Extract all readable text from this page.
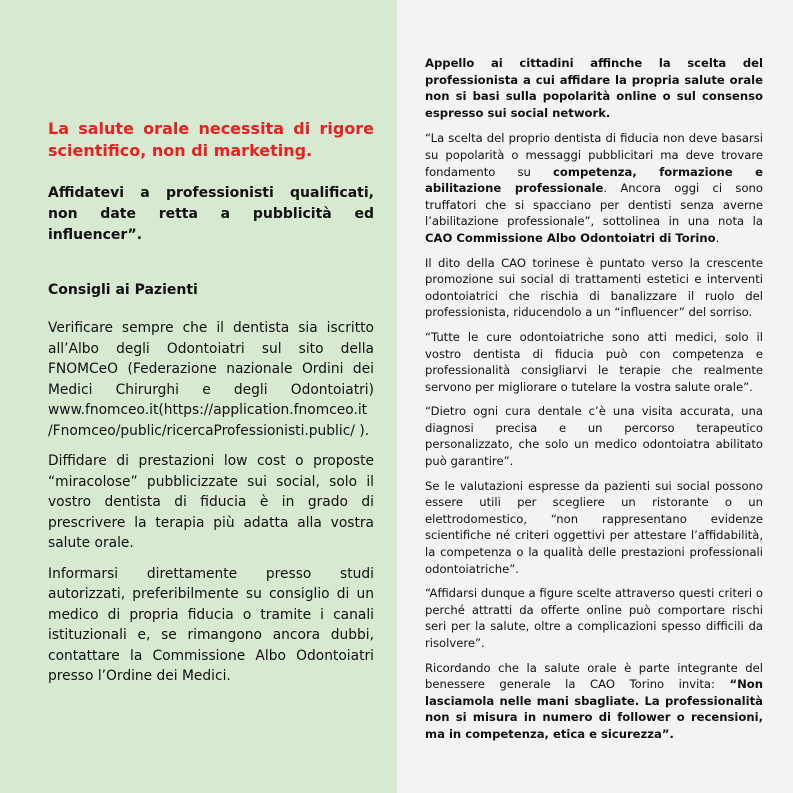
La salute orale necessita di rigore scientifico, non di marketing.
Affidatevi a professionisti qualificati, non date retta a pubblicità ed influencer”.
Consigli ai Pazienti

Verificare sempre che il dentista sia iscritto all’Albo degli Odontoiatri sul sito della FNOMCeO (Federazione nazionale Ordini dei Medici Chirurghi e degli Odontoiatri) www.fnomceo.it(https://application.fnomceo.it /Fnomceo/public/ricercaProfessionisti.public/ ).

Diffidare di prestazioni low cost o proposte “miracolose” pubblicizzate sui social, solo il vostro dentista di fiducia è in grado di prescrivere la terapia più adatta alla vostra salute orale.

Informarsi direttamente presso studi autorizzati, preferibilmente su consiglio di un medico di propria fiducia o tramite i canali istituzionali e, se rimangono ancora dubbi, contattare la Commissione Albo Odontoiatri presso l’Ordine dei Medici.

Appello ai cittadini affinche la scelta del professionista a cui affidare la propria salute orale non si basi sulla popolarità online o sul consenso espresso sui social network.

“La scelta del proprio dentista di fiducia non deve basarsi su popolarità o messaggi pubblicitari ma deve trovare fondamento su competenza, formazione e abilitazione professionale. Ancora oggi ci sono truffatori che si spacciano per dentisti senza averne l’abilitazione professionale”, sottolinea in una nota la CAO Commissione Albo Odontoiatri di Torino.

Il dito della CAO torinese è puntato verso la crescente promozione sui social di trattamenti estetici e interventi odontoiatrici che rischia di banalizzare il ruolo del professionista, riducendolo a un “influencer” del sorriso.

“Tutte le cure odontoiatriche sono atti medici, solo il vostro dentista di fiducia può con competenza e professionalità consigliarvi le terapie che realmente servono per migliorare o tutelare la vostra salute orale”.

“Dietro ogni cura dentale c’è una visita accurata, una diagnosi precisa e un percorso terapeutico personalizzato, che solo un medico odontoiatra abilitato può garantire”.

Se le valutazioni espresse da pazienti sui social possono essere utili per scegliere un ristorante o un elettrodomestico, “non rappresentano evidenze scientifiche né criteri oggettivi per attestare l’affidabilità, la competenza o la qualità delle prestazioni professionali odontoiatriche”.

“Affidarsi dunque a figure scelte attraverso questi criteri o perché attratti da offerte online può comportare rischi seri per la salute, oltre a complicazioni spesso difficili da risolvere”.

Ricordando che la salute orale è parte integrante del benessere generale la CAO Torino invita: “Non lasciamola nelle mani sbagliate. La professionalità non si misura in numero di follower o recensioni, ma in competenza, etica e sicurezza”.
